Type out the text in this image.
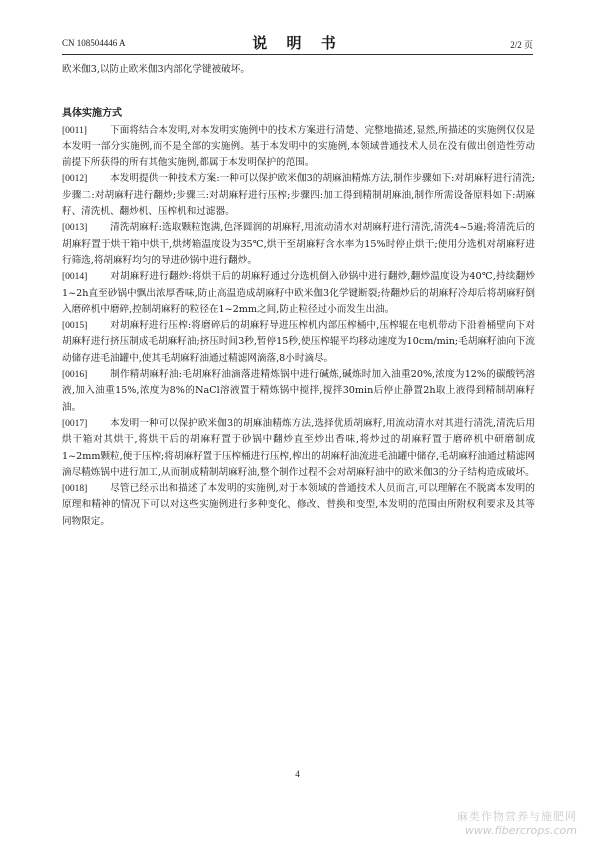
CN 108504446 A	说 明 书	2/2 页

欧米伽3,以防止欧米伽3内部化学键被破坏。

具体实施方式

[0011] 下面将结合本发明,对本发明实施例中的技术方案进行清楚、完整地描述,显然,所描述的实施例仅仅是本发明一部分实施例,而不是全部的实施例。基于本发明中的实施例,本领域普通技术人员在没有做出创造性劳动前提下所获得的所有其他实施例,都属于本发明保护的范围。

[0012] 本发明提供一种技术方案:一种可以保护欧米伽3的胡麻油精炼方法,制作步骤如下:对胡麻籽进行清洗;步骤二:对胡麻籽进行翻炒;步骤三:对胡麻籽进行压榨;步骤四:加工得到精制胡麻油,制作所需设备原料如下:胡麻籽、清洗机、翻炒机、压榨机和过滤器。

[0013] 清洗胡麻籽:选取颗粒饱满,色泽圆润的胡麻籽,用流动清水对胡麻籽进行清洗,清洗4~5遍;将清洗后的胡麻籽置于烘干箱中烘干,烘烤箱温度设为35℃,烘干至胡麻籽含水率为15%时停止烘干;使用分选机对胡麻籽进行筛选,将胡麻籽均匀的导进砂锅中进行翻炒。

[0014] 对胡麻籽进行翻炒:将烘干后的胡麻籽通过分选机倒入砂锅中进行翻炒,翻炒温度设为40℃,持续翻炒1~2h直至砂锅中飘出浓厚香味,防止高温造成胡麻籽中欧米伽3化学键断裂;待翻炒后的胡麻籽冷却后将胡麻籽倒入磨碎机中磨碎,控制胡麻籽的粒径在1~2mm之间,防止粒径过小而发生出油。

[0015] 对胡麻籽进行压榨:将磨碎后的胡麻籽导进压榨机内部压榨桶中,压榨辊在电机带动下沿着桶壁向下对胡麻籽进行挤压制成毛胡麻籽油;挤压时间3秒,暂停15秒,使压榨辊平均移动速度为10cm/min;毛胡麻籽油向下流动储存进毛油罐中,使其毛胡麻籽油通过精滤网滴落,8小时滴尽。

[0016] 制作精胡麻籽油:毛胡麻籽油滴落进精炼锅中进行碱炼,碱炼时加入油重20%,浓度为12%的碳酸钙溶液,加入油重15%,浓度为8%的NaCl溶液置于精炼锅中搅拌,搅拌30min后停止静置2h取上液得到精制胡麻籽油。

[0017] 本发明一种可以保护欧米伽3的胡麻油精炼方法,选择优质胡麻籽,用流动清水对其进行清洗,清洗后用烘干箱对其烘干,将烘干后的胡麻籽置于砂锅中翻炒直至炒出香味,将炒过的胡麻籽置于磨碎机中研磨制成1~2mm颗粒,便于压榨;将胡麻籽置于压榨桶进行压榨,榨出的胡麻籽油流进毛油罐中储存,毛胡麻籽油通过精滤网滴尽精炼锅中进行加工,从而制成精制胡麻籽油,整个制作过程不会对胡麻籽油中的欧米伽3的分子结构造成破坏。

[0018] 尽管已经示出和描述了本发明的实施例,对于本领域的普通技术人员而言,可以理解在不脱离本发明的原理和精神的情况下可以对这些实施例进行多种变化、修改、替换和变型,本发明的范围由所附权利要求及其等同物限定。

4
麻类作物营养与施肥网
www.fibercrops.com
